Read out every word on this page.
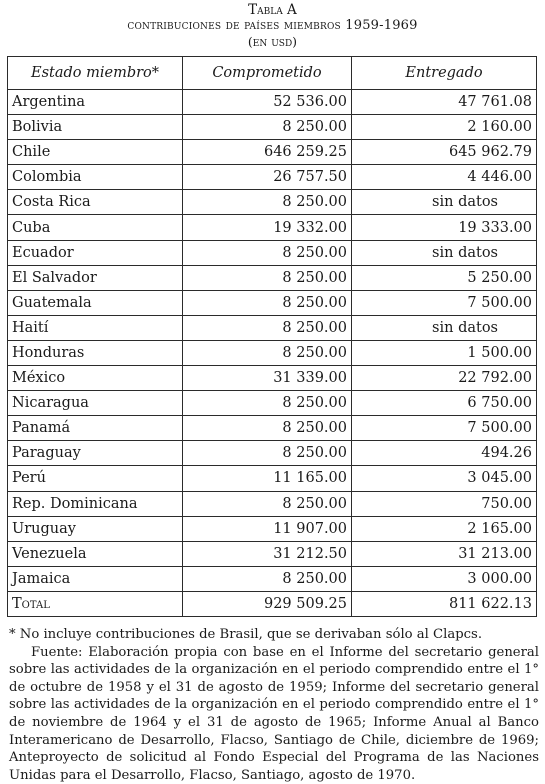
Tabla A
contribuciones de países miembros 1959-1969
(en usd)
Estado miembro*	Comprometido	Entregado
Argentina	52 536.00	47 761.08
Bolivia	8 250.00	2 160.00
Chile	646 259.25	645 962.79
Colombia	26 757.50	4 446.00
Costa Rica	8 250.00	sin datos
Cuba	19 332.00	19 333.00
Ecuador	8 250.00	sin datos
El Salvador	8 250.00	5 250.00
Guatemala	8 250.00	7 500.00
Haití	8 250.00	sin datos
Honduras	8 250.00	1 500.00
México	31 339.00	22 792.00
Nicaragua	8 250.00	6 750.00
Panamá	8 250.00	7 500.00
Paraguay	8 250.00	494.26
Perú	11 165.00	3 045.00
Rep. Dominicana	8 250.00	750.00
Uruguay	11 907.00	2 165.00
Venezuela	31 212.50	31 213.00
Jamaica	8 250.00	3 000.00
Total	929 509.25	811 622.13

* No incluye contribuciones de Brasil, que se derivaban sólo al Clapcs.

Fuente: Elaboración propia con base en el Informe del secretario general sobre las actividades de la organización en el periodo comprendido entre el 1° de octubre de 1958 y el 31 de agosto de 1959; Informe del secretario general sobre las actividades de la organización en el periodo comprendido entre el 1° de noviembre de 1964 y el 31 de agosto de 1965; Informe Anual al Banco Interamericano de Desarrollo, Flacso, Santiago de Chile, diciembre de 1969; Anteproyecto de solicitud al Fondo Especial del Programa de las Naciones Unidas para el Desarrollo, Flacso, Santiago, agosto de 1970.
